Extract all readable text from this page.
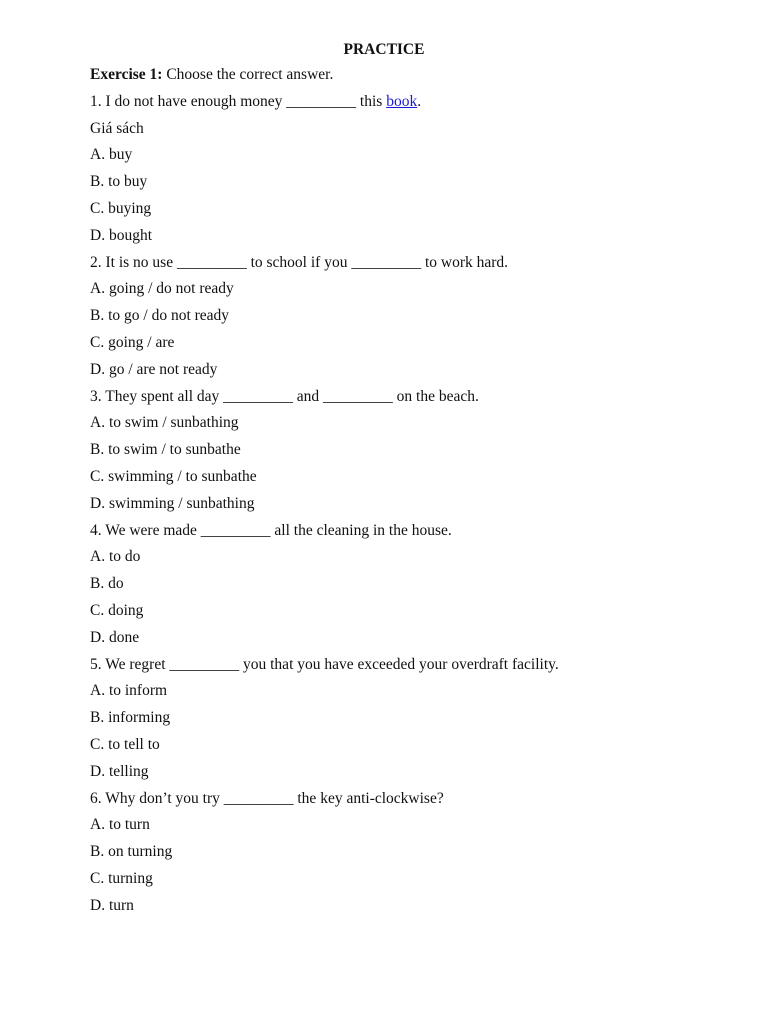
PRACTICE

Exercise 1: Choose the correct answer.

1. I do not have enough money _________ this book.

Giá sách

A. buy

B. to buy

C. buying

D. bought

2. It is no use _________ to school if you _________ to work hard.

A. going / do not ready

B. to go / do not ready

C. going / are

D. go / are not ready

3. They spent all day _________ and _________ on the beach.

A. to swim / sunbathing

B. to swim / to sunbathe

C. swimming / to sunbathe

D. swimming / sunbathing

4. We were made _________ all the cleaning in the house.

A. to do

B. do

C. doing

D. done

5. We regret _________ you that you have exceeded your overdraft facility.

A. to inform

B. informing

C. to tell to

D. telling

6. Why don’t you try _________ the key anti-clockwise?

A. to turn

B. on turning

C. turning

D. turn
